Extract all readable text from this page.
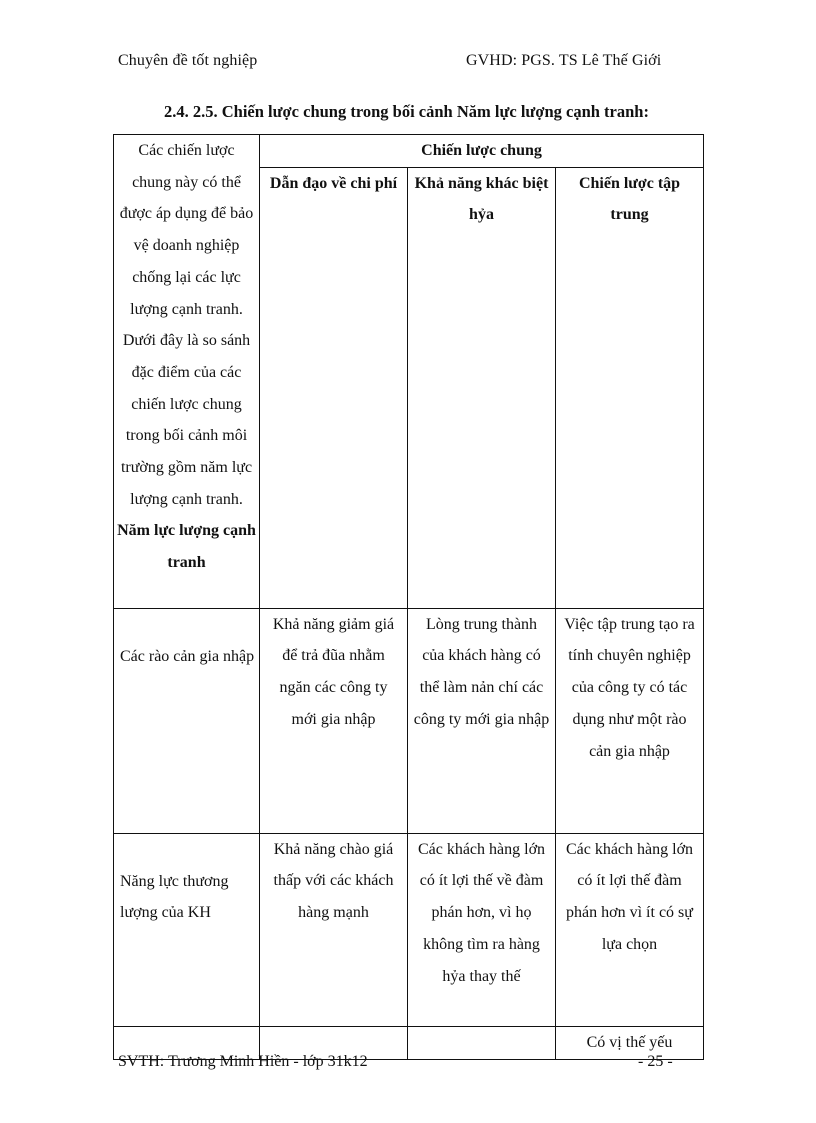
Chuyên đề tốt nghiệp	GVHD: PGS. TS Lê Thế Giới
2.4. 2.5. Chiến lược chung trong bối cảnh Năm lực lượng cạnh tranh:
Các chiến lược chung này có thể được áp dụng để bảo vệ doanh nghiệp chống lại các lực lượng cạnh tranh. Dưới đây là so sánh đặc điểm của các chiến lược chung trong bối cảnh môi trường gồm năm lực lượng cạnh tranh. Năm lực lượng cạnh tranh	Chiến lược chung		
	Dẫn đạo về chi phí	Khả năng khác biệt hỷa	Chiến lược tập trung

Các rào cản gia nhập	Khả năng giảm giá để trả đũa nhằm ngăn các công ty mới gia nhập	Lòng trung thành của khách hàng có thể làm nản chí các công ty mới gia nhập	Việc tập trung tạo ra tính chuyên nghiệp của công ty có tác dụng như một rào cản gia nhập

Năng lực thương lượng của KH	Khả năng chào giá thấp với các khách hàng mạnh	Các khách hàng lớn có ít lợi thế về đàm phán hơn, vì họ không tìm ra hàng hỷa thay thế	Các khách hàng lớn có ít lợi thế đàm phán hơn vì ít có sự lựa chọn
			Có vị thế yếu
SVTH: Trương Minh Hiền - lớp 31k12	- 25 -
